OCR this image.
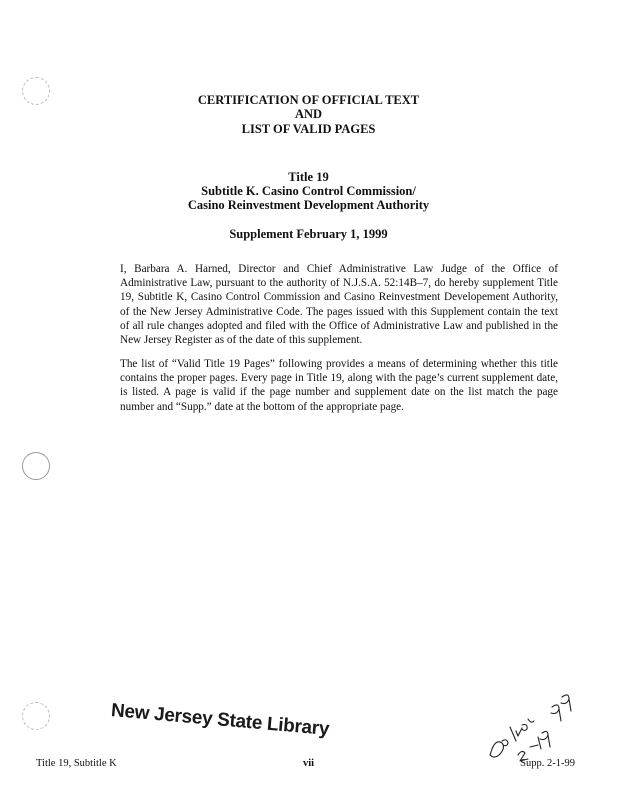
CERTIFICATION OF OFFICIAL TEXT
AND
LIST OF VALID PAGES
Title 19
Subtitle K. Casino Control Commission/
Casino Reinvestment Development Authority
Supplement February 1, 1999

I, Barbara A. Harned, Director and Chief Administrative Law Judge of the Office of Administrative Law, pursuant to the authority of N.J.S.A. 52:14B–7, do hereby supplement Title 19, Subtitle K, Casino Control Commission and Casino Reinvestment Developement Authority, of the New Jersey Administrative Code. The pages issued with this Supplement contain the text of all rule changes adopted and filed with the Office of Administrative Law and published in the New Jersey Register as of the date of this supplement.

The list of “Valid Title 19 Pages” following provides a means of determining whether this title contains the proper pages. Every page in Title 19, along with the page’s current supplement date, is listed. A page is valid if the page number and supplement date on the list match the page number and “Supp.” date at the bottom of the appropriate page.

New Jersey State Library
Title 19, Subtitle K	vii	Supp. 2-1-99
